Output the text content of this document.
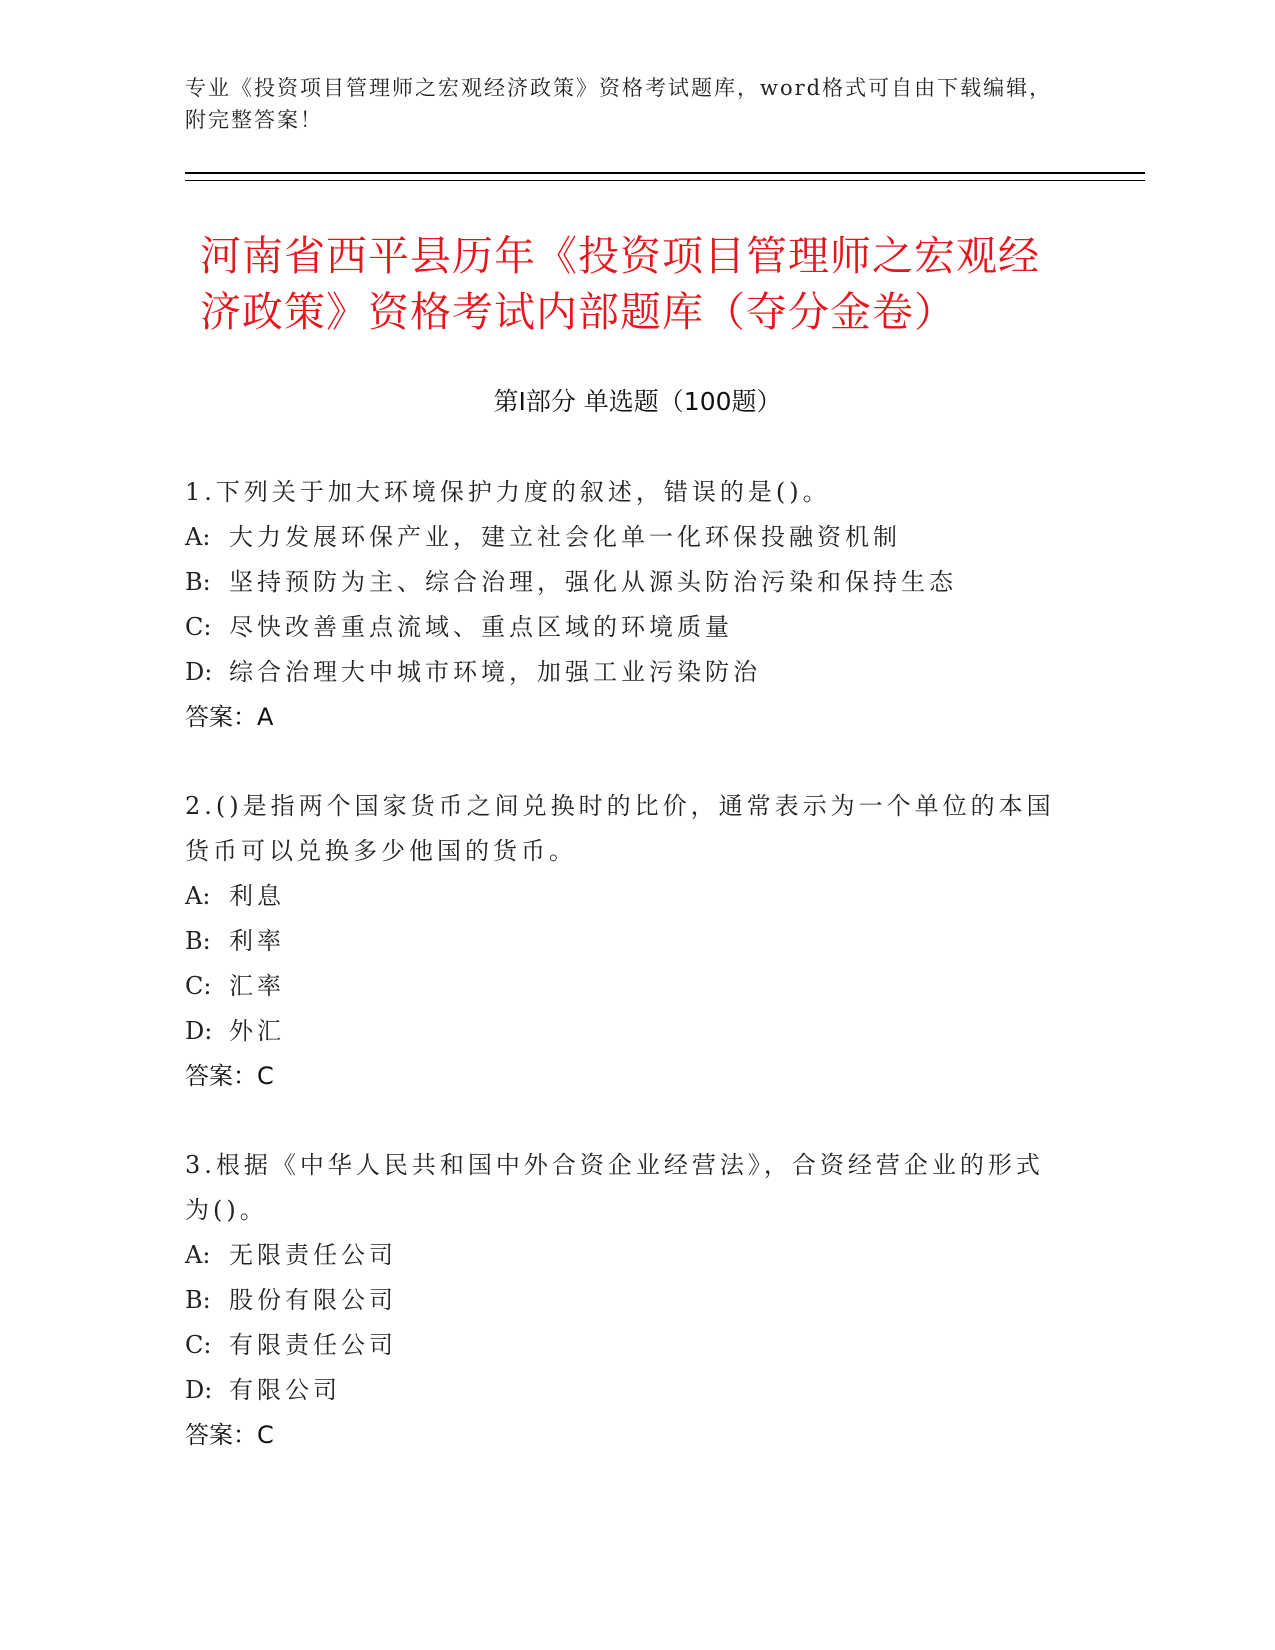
专业《投资项目管理师之宏观经济政策》资格考试题库，word格式可自由下载编辑，附完整答案！
河南省西平县历年《投资项目管理师之宏观经济政策》资格考试内部题库（夺分金卷）
第Ⅰ部分 单选题（100题）
1.下列关于加大环境保护力度的叙述，错误的是()。
A: 大力发展环保产业，建立社会化单一化环保投融资机制
B: 坚持预防为主、综合治理，强化从源头防治污染和保持生态
C: 尽快改善重点流域、重点区域的环境质量
D: 综合治理大中城市环境，加强工业污染防治
答案：A
2.()是指两个国家货币之间兑换时的比价，通常表示为一个单位的本国货币可以兑换多少他国的货币。
A: 利息
B: 利率
C: 汇率
D: 外汇
答案：C
3.根据《中华人民共和国中外合资企业经营法》，合资经营企业的形式为()。
A: 无限责任公司
B: 股份有限公司
C: 有限责任公司
D: 有限公司
答案：C
